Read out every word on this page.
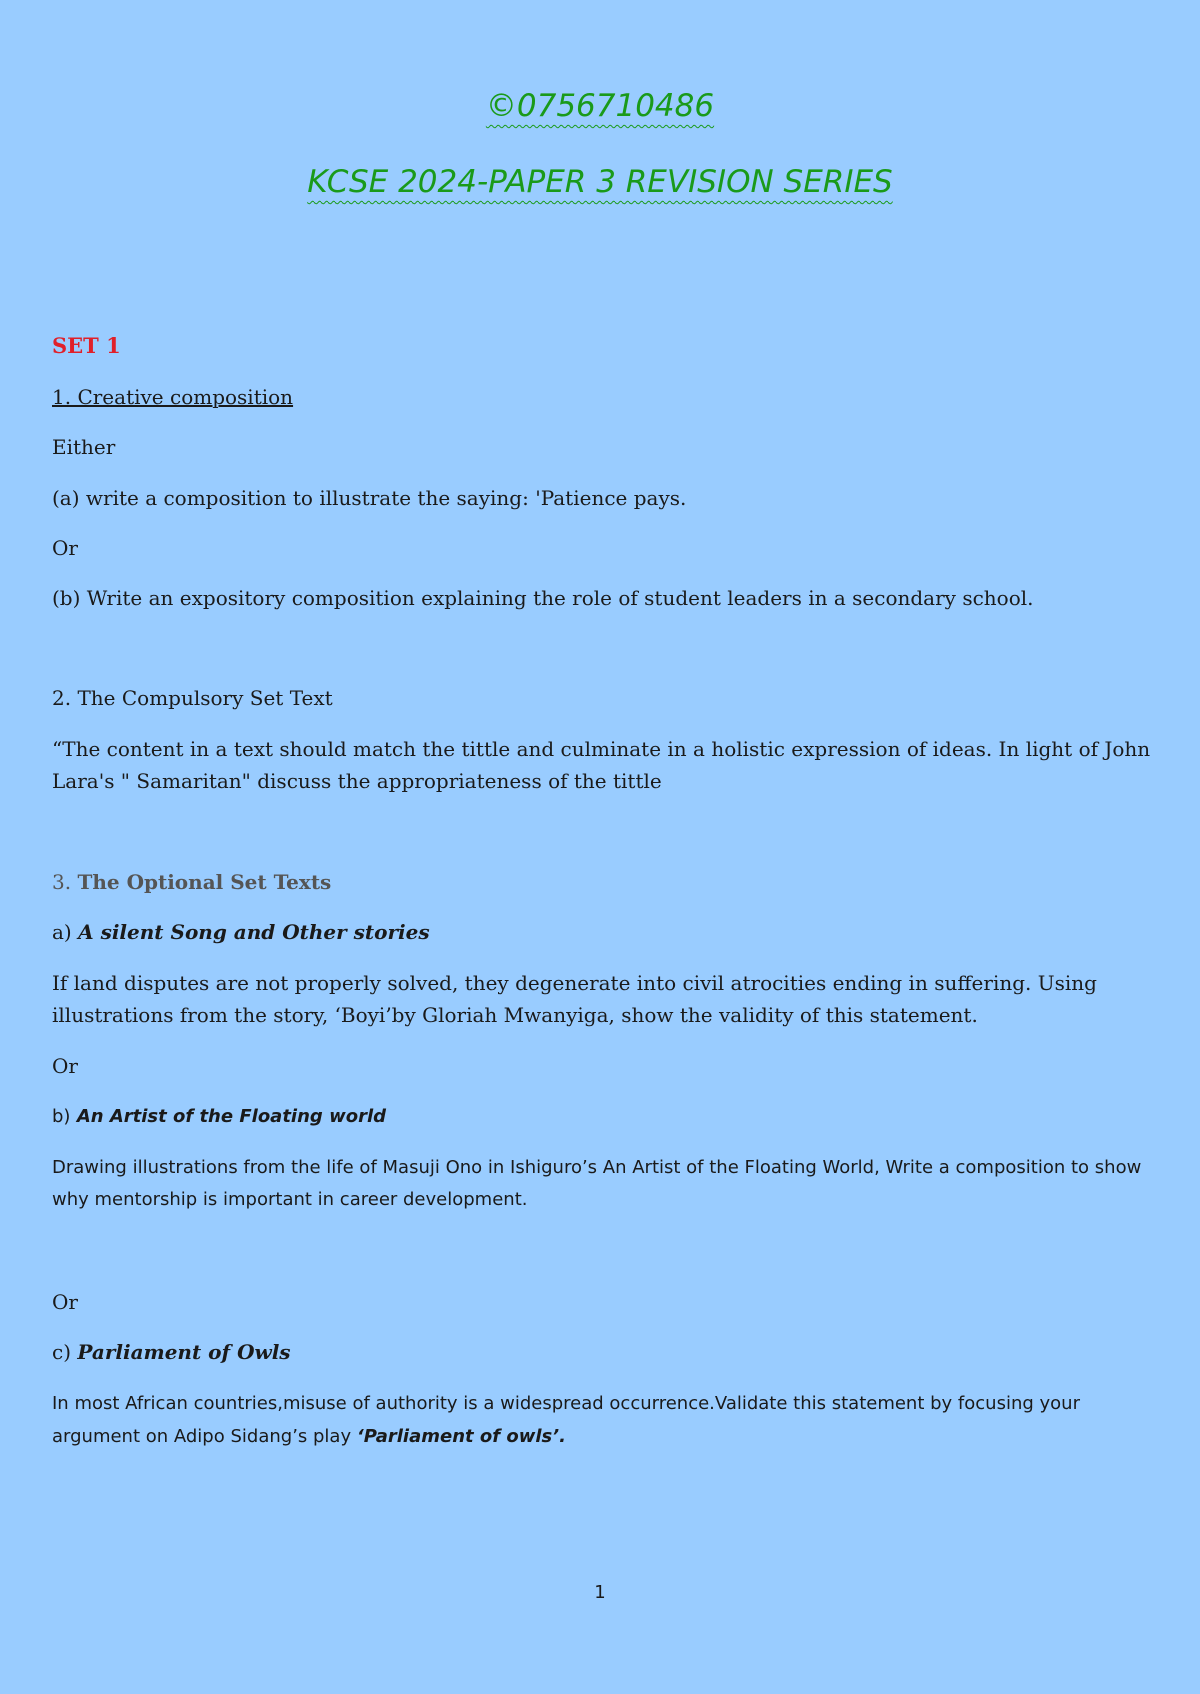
©0756710486
KCSE 2024-PAPER 3 REVISION SERIES
SET 1
1. Creative composition
Either
(a) write a composition to illustrate the saying: 'Patience pays.
Or
(b) Write an expository composition explaining the role of student leaders in a secondary school.
2. The Compulsory Set Text
“The content in a text should match the tittle and culminate in a holistic expression of ideas. In light of John Lara's " Samaritan" discuss the appropriateness of the tittle
3. The Optional Set Texts
a) A silent Song and Other stories
If land disputes are not properly solved, they degenerate into civil atrocities ending in suffering. Using illustrations from the story, ‘Boyi’by Gloriah Mwanyiga, show the validity of this statement.
Or
b) An Artist of the Floating world
Drawing illustrations from the life of Masuji Ono in Ishiguro’s An Artist of the Floating World, Write a composition to show why mentorship is important in career development.
Or
c) Parliament of Owls
In most African countries,misuse of authority is a widespread occurrence.Validate this statement by focusing your argument on Adipo Sidang’s play ‘Parliament of owls’.
1
